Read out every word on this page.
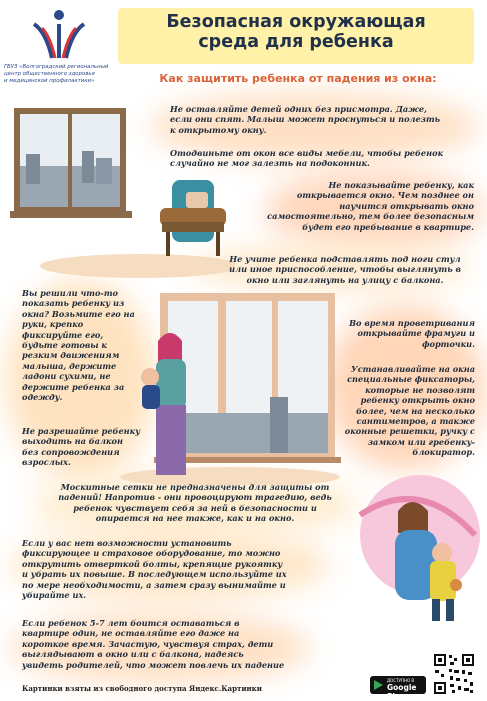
ГБУЗ «Волгоградский региональный
центр общественного здоровья
и медицинской профилактики»
Безопасная окружающая
среда для ребенка
Как защитить ребенка от падения из окна:
Не оставляйте детей одних без присмотра. Даже,
если они спят. Малыш может проснуться и полезть
к открытому окну.
Отодвиньте от окон все виды мебели, чтобы ребенок
случайно не мог залезть на подоконник.
Не показывайте ребенку, как
открывается окно. Чем позднее он
научится открывать окно
самостоятельно, тем более безопасным
будет его пребывание в квартире.
Не учите ребенка подставлять под ноги стул
или иное приспособление, чтобы выглянуть в
окно или заглянуть на улицу с балкона.
Вы решили что-то
показать ребенку из
окна? Возьмите его на
руки, крепко
фиксируйте его,
будьте готовы к
резким движениям
малыша, держите
ладони сухими, не
держите ребенка за
одежду.
Не разрешайте ребенку
выходить на балкон
без сопровождения
взрослых.
Во время проветривания
открывайте фрамуги и
форточки.
Устанавливайте на окна
специальные фиксаторы,
которые не позволят
ребенку открыть окно
более, чем на несколько
сантиметров, а также
оконные решетки, ручку с
замком или гребенку-
блокиратор.
Москитные сетки не предназначены для защиты от
падений! Напротив - они провоцируют трагедию, ведь
ребенок чувствует себя за ней в безопасности и
опирается на нее также, как и на окно.
Если у вас нет возможности установить
фиксирующее и страховое оборудование, то можно
открутить отверткой болты, крепящие рукоятку
и убрать их повыше. В последующем используйте их
по мере необходимости, а затем сразу вынимайте и
убирайте их.
Если ребенок 5-7 лет боится оставаться в
квартире один, не оставляйте его даже на
короткое время. Зачастую, чувствуя страх, дети
выглядывают в окно или с балкона, надеясь
увидеть родителей, что может повлечь их падение
Картинки взяты из свободного доступа Яндекс.Картинки
ДОСТУПНО В
Google Play
